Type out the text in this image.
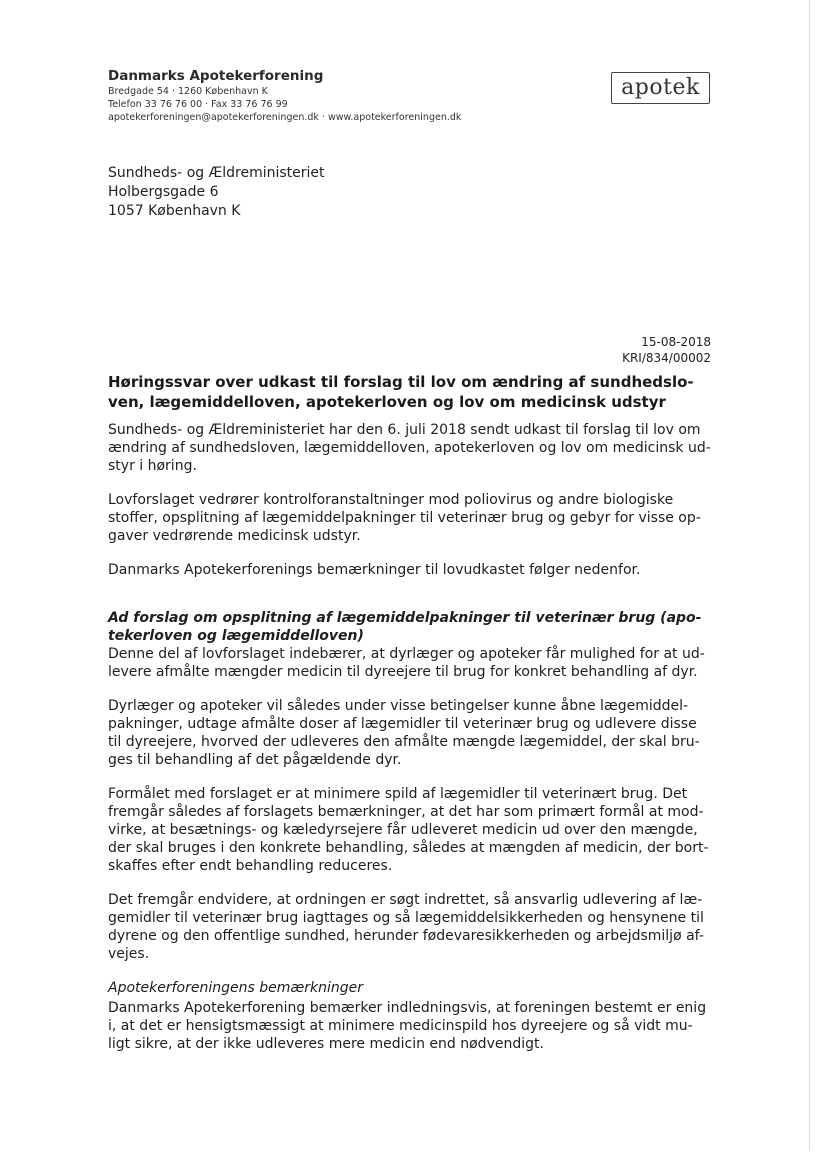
Danmarks Apotekerforening
Bredgade 54 · 1260 København K
Telefon 33 76 76 00 · Fax 33 76 76 99
apotekerforeningen@apotekerforeningen.dk · www.apotekerforeningen.dk
apotek
Sundheds- og Ældreministeriet
Holbergsgade 6
1057 København K
15-08-2018
KRI/834/00002
Høringssvar over udkast til forslag til lov om ændring af sundhedslo-ven, lægemiddelloven, apotekerloven og lov om medicinsk udstyr

Sundheds- og Ældreministeriet har den 6. juli 2018 sendt udkast til forslag til lov om ændring af sundhedsloven, lægemiddelloven, apotekerloven og lov om medicinsk ud-styr i høring.

Lovforslaget vedrører kontrolforanstaltninger mod poliovirus og andre biologiske stoffer, opsplitning af lægemiddelpakninger til veterinær brug og gebyr for visse op-gaver vedrørende medicinsk udstyr.

Danmarks Apotekerforenings bemærkninger til lovudkastet følger nedenfor.

Ad forslag om opsplitning af lægemiddelpakninger til veterinær brug (apo-tekerloven og lægemiddelloven)

Denne del af lovforslaget indebærer, at dyrlæger og apoteker får mulighed for at ud-levere afmålte mængder medicin til dyreejere til brug for konkret behandling af dyr.

Dyrlæger og apoteker vil således under visse betingelser kunne åbne lægemiddel-pakninger, udtage afmålte doser af lægemidler til veterinær brug og udlevere disse til dyreejere, hvorved der udleveres den afmålte mængde lægemiddel, der skal bru-ges til behandling af det pågældende dyr.

Formålet med forslaget er at minimere spild af lægemidler til veterinært brug. Det fremgår således af forslagets bemærkninger, at det har som primært formål at mod-virke, at besætnings- og kæledyrsejere får udleveret medicin ud over den mængde, der skal bruges i den konkrete behandling, således at mængden af medicin, der bort-skaffes efter endt behandling reduceres.

Det fremgår endvidere, at ordningen er søgt indrettet, så ansvarlig udlevering af læ-gemidler til veterinær brug iagttages og så lægemiddelsikkerheden og hensynene til dyrene og den offentlige sundhed, herunder fødevaresikkerheden og arbejdsmiljø af-vejes.

Apotekerforeningens bemærkninger

Danmarks Apotekerforening bemærker indledningsvis, at foreningen bestemt er enig i, at det er hensigtsmæssigt at minimere medicinspild hos dyreejere og så vidt mu-ligt sikre, at der ikke udleveres mere medicin end nødvendigt.
